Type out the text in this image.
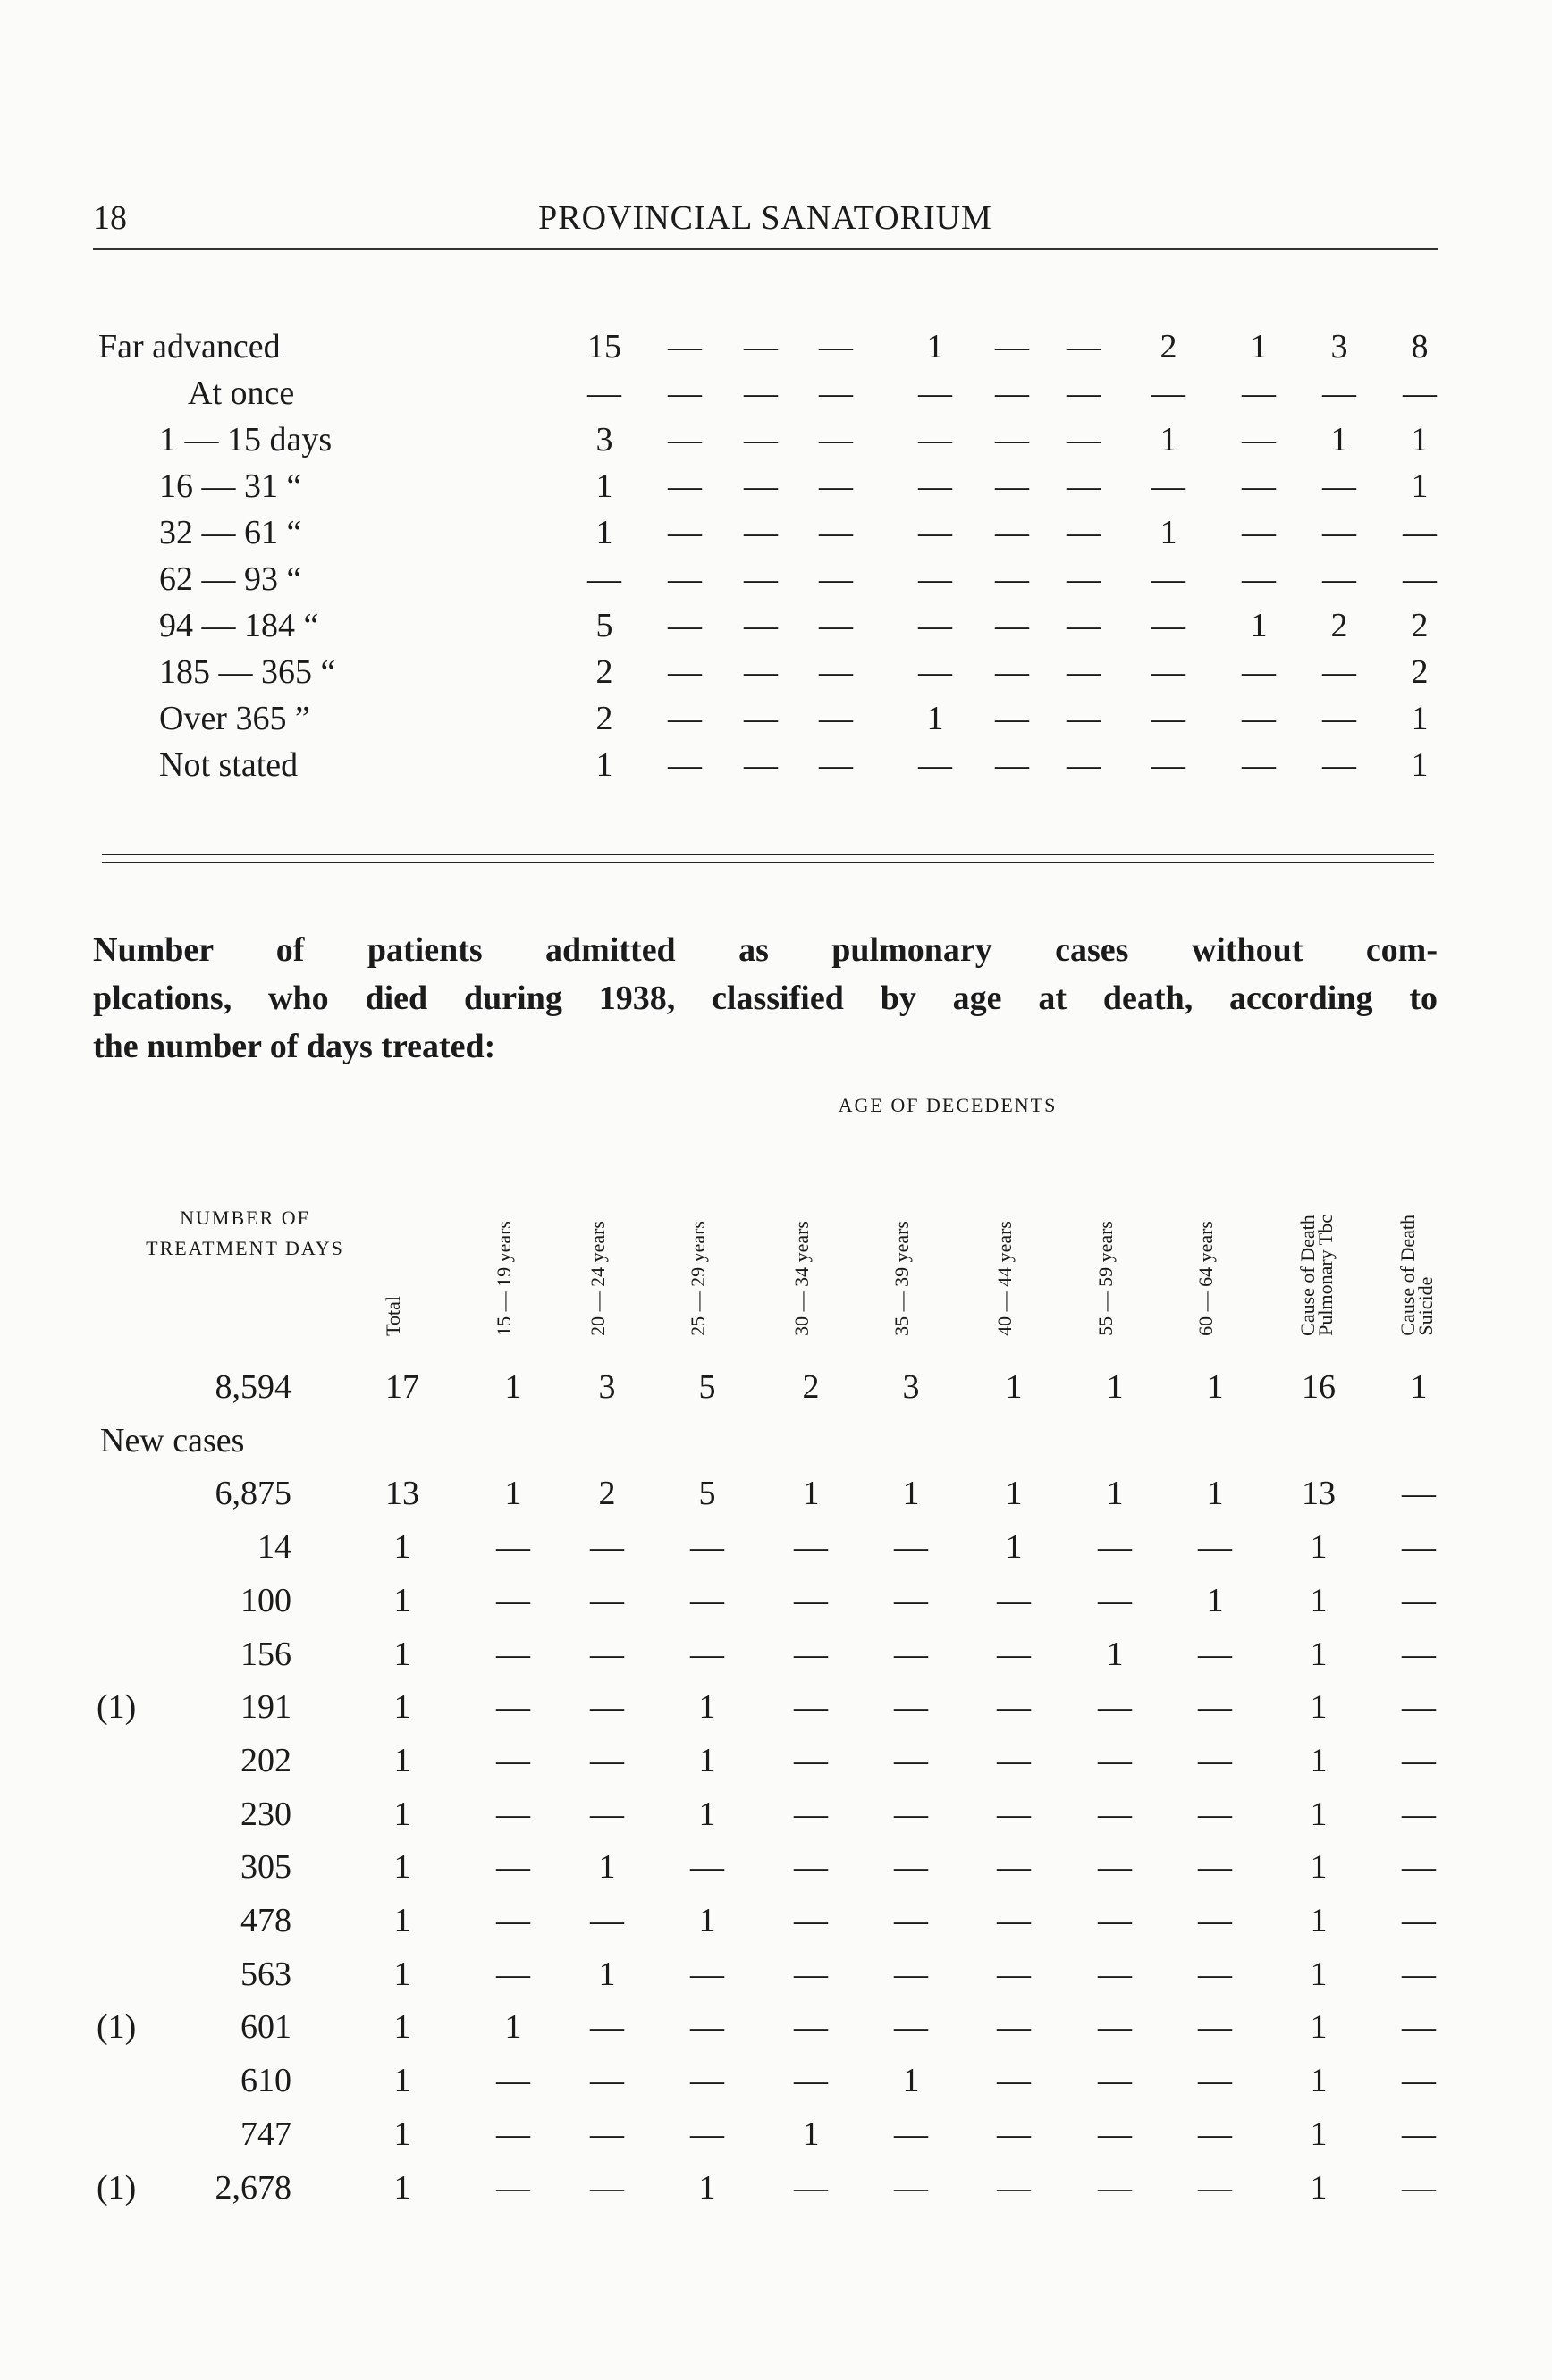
18	PROVINCIAL SANATORIUM
Far advanced	15	—	—	—	1	—	—	2	1	3	8
At once	—	—	—	—	—	—	—	—	—	—	—
1 — 15 days	3	—	—	—	—	—	—	1	—	1	1
16 — 31 “	1	—	—	—	—	—	—	—	—	—	1
32 — 61 “	1	—	—	—	—	—	—	1	—	—	—
62 — 93 “	—	—	—	—	—	—	—	—	—	—	—
94 — 184 “	5	—	—	—	—	—	—	—	1	2	2
185 — 365 “	2	—	—	—	—	—	—	—	—	—	2
Over 365 ”	2	—	—	—	1	—	—	—	—	—	1
Not stated	1	—	—	—	—	—	—	—	—	—	1
Number of patients admitted as pulmonary cases without com-
plcations, who died during 1938, classified by age at death, according to
the number of days treated:
AGE OF DECEDENTS
NUMBER OF
TREATMENT DAYS
Total	15 — 19 years	20 — 24 years	25 — 29 years	30 — 34 years	35 — 39 years	40 — 44 years	55 — 59 years	60 — 64 years	Cause of Death
Pulmonary Tbc
Cause of Death
Suicide
8,594	17	1	3	5	2	3	1	1	1	16	1
New cases
6,875	13	1	2	5	1	1	1	1	1	13	—
14	1	—	—	—	—	—	1	—	—	1	—
100	1	—	—	—	—	—	—	—	1	1	—
156	1	—	—	—	—	—	—	1	—	1	—
(1)	191	1	—	—	1	—	—	—	—	—	1	—
202	1	—	—	1	—	—	—	—	—	1	—
230	1	—	—	1	—	—	—	—	—	1	—
305	1	—	1	—	—	—	—	—	—	1	—
478	1	—	—	1	—	—	—	—	—	1	—
563	1	—	1	—	—	—	—	—	—	1	—
(1)	601	1	1	—	—	—	—	—	—	—	1	—
610	1	—	—	—	—	1	—	—	—	1	—
747	1	—	—	—	1	—	—	—	—	1	—
(1) 2,678	1	—	—	1	—	—	—	—	—	1	—
